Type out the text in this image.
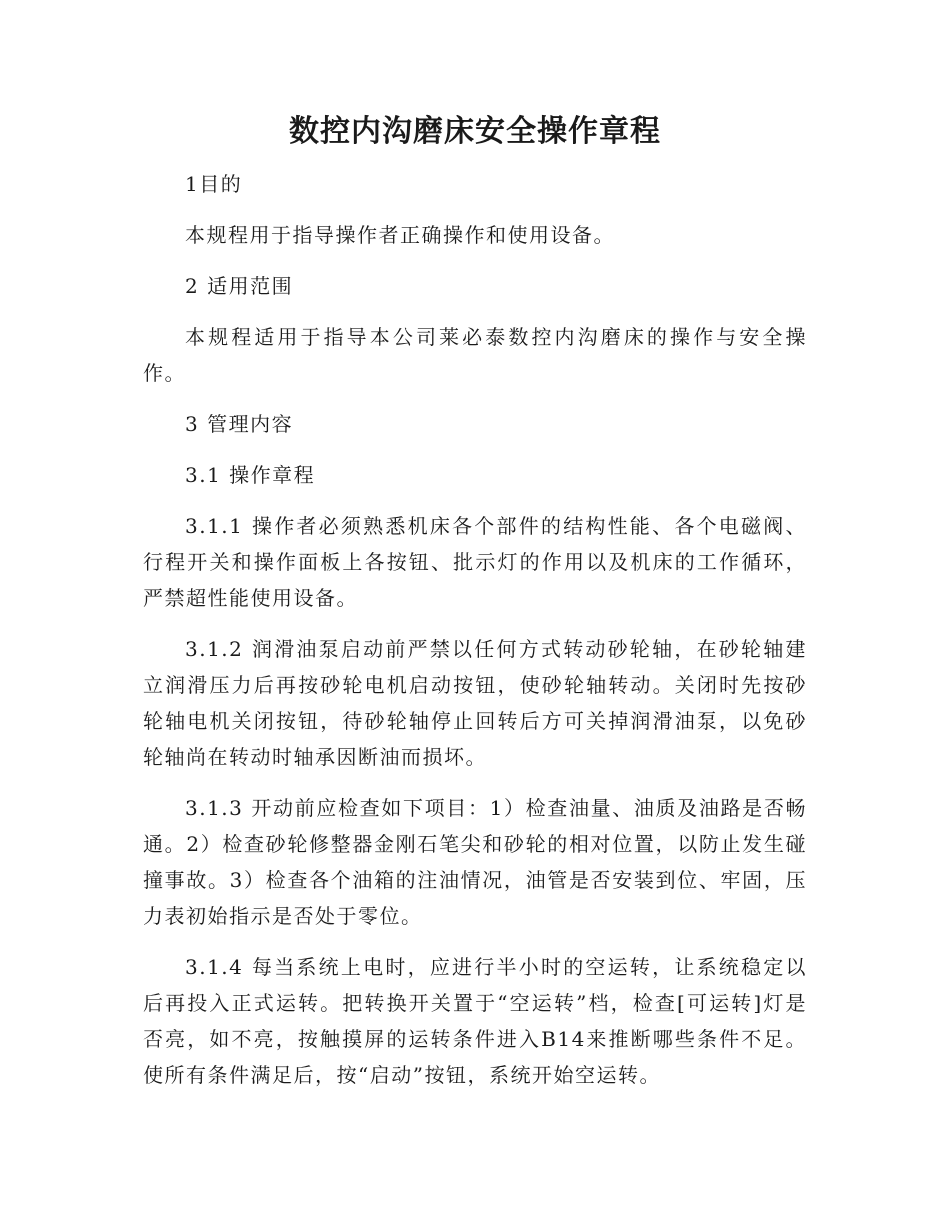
数控内沟磨床安全操作章程

1目的

本规程用于指导操作者正确操作和使用设备。

2 适用范围

本规程适用于指导本公司莱必泰数控内沟磨床的操作与安全操作。

3 管理内容

3.1 操作章程

3.1.1 操作者必须熟悉机床各个部件的结构性能、各个电磁阀、行程开关和操作面板上各按钮、批示灯的作用以及机床的工作循环，严禁超性能使用设备。

3.1.2 润滑油泵启动前严禁以任何方式转动砂轮轴，在砂轮轴建立润滑压力后再按砂轮电机启动按钮，使砂轮轴转动。关闭时先按砂轮轴电机关闭按钮，待砂轮轴停止回转后方可关掉润滑油泵，以免砂轮轴尚在转动时轴承因断油而损坏。

3.1.3 开动前应检查如下项目：1）检查油量、油质及油路是否畅通。2）检查砂轮修整器金刚石笔尖和砂轮的相对位置，以防止发生碰撞事故。3）检查各个油箱的注油情况，油管是否安装到位、牢固，压力表初始指示是否处于零位。

3.1.4 每当系统上电时，应进行半小时的空运转，让系统稳定以后再投入正式运转。把转换开关置于“空运转”档，检查[可运转]灯是否亮，如不亮，按触摸屏的运转条件进入B14来推断哪些条件不足。使所有条件满足后，按“启动”按钮，系统开始空运转。
